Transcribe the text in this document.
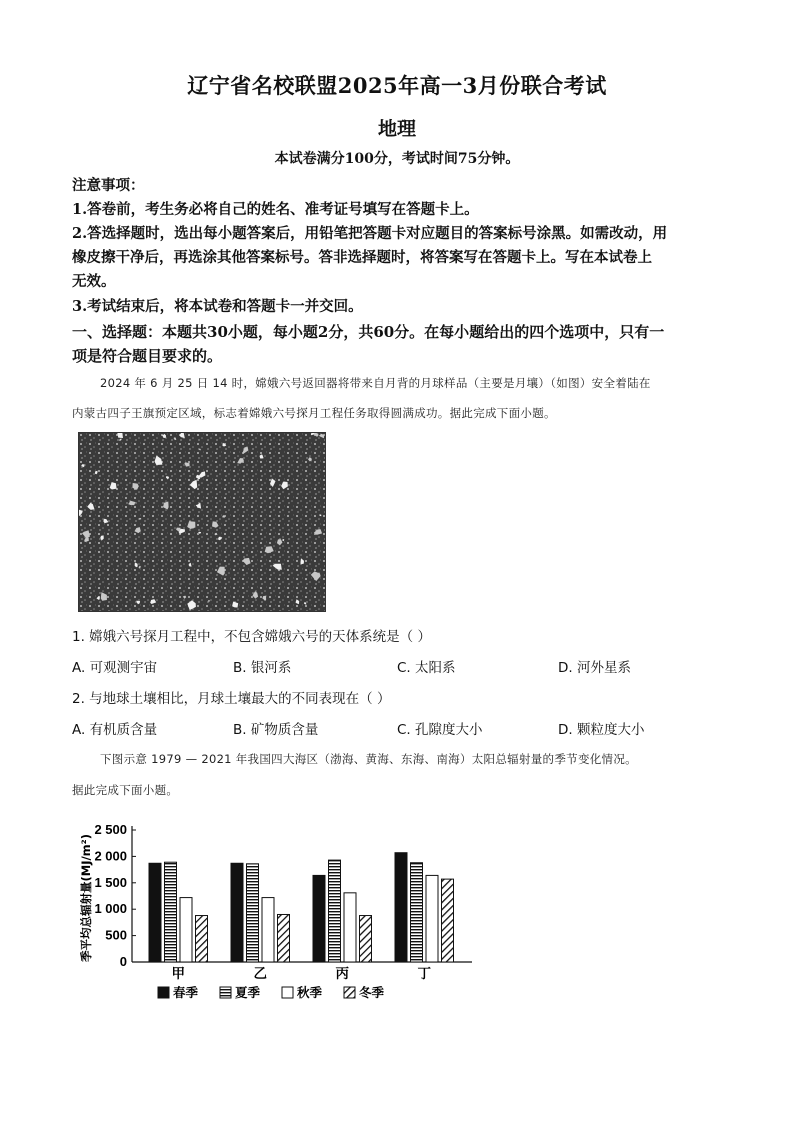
辽宁省名校联盟2025年高一3月份联合考试
地理
本试卷满分100分，考试时间75分钟。
注意事项：
1.答卷前，考生务必将自己的姓名、准考证号填写在答题卡上。
2.答选择题时，选出每小题答案后，用铅笔把答题卡对应题目的答案标号涂黑。如需改动，用
橡皮擦干净后，再选涂其他答案标号。答非选择题时，将答案写在答题卡上。写在本试卷上
无效。
3.考试结束后，将本试卷和答题卡一并交回。
一、选择题：本题共30小题，每小题2分，共60分。在每小题给出的四个选项中，只有一
项是符合题目要求的。
2024 年 6 月 25 日 14 时，嫦娥六号返回器将带来自月背的月球样品（主要是月壤）（如图）安全着陆在
内蒙古四子王旗预定区域，标志着嫦娥六号探月工程任务取得圆满成功。据此完成下面小题。
1. 嫦娥六号探月工程中，不包含嫦娥六号的天体系统是（ ）
A. 可观测宇宙	B. 银河系	C. 太阳系	D. 河外星系
2. 与地球土壤相比，月球土壤最大的不同表现在（ ）
A. 有机质含量	B. 矿物质含量	C. 孔隙度大小	D. 颗粒度大小
下图示意 1979 — 2021 年我国四大海区（渤海、黄海、东海、南海）太阳总辐射量的季节变化情况。
据此完成下面小题。
季平均总辐射量(MJ/m²) 0
500
1 000
1 500
2 000
2 500
甲	乙	丙	丁
春季	夏季	秋季	冬季
